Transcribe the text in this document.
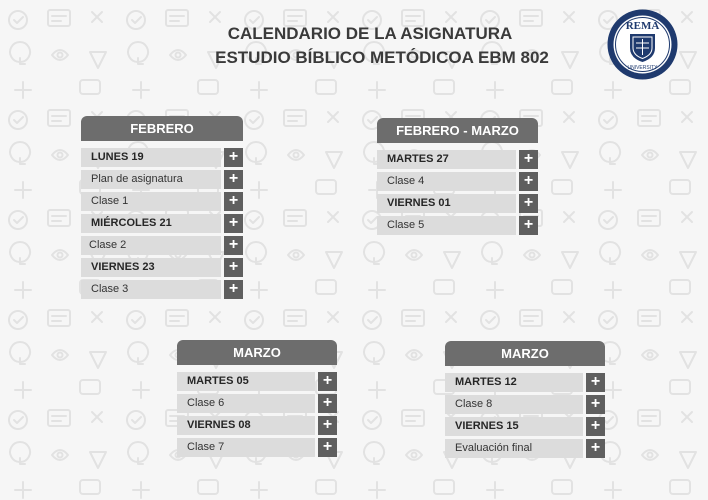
CALENDARIO DE LA ASIGNATURA
ESTUDIO BÍBLICO METÓDICOA EBM 802
REMA
UNIVERSITY
FEBRERO
LUNES 19	+
Plan de asignatura	+
Clase 1	+
MIÉRCOLES 21	+
Clase 2	+
VIERNES 23	+
Clase 3	+
FEBRERO - MARZO
MARTES 27	+
Clase 4	+
VIERNES 01	+
Clase 5	+
MARZO
MARTES 05	+
Clase 6	+
VIERNES 08	+
Clase 7	+
MARZO
MARTES 12	+
Clase 8	+
VIERNES 15	+
Evaluación final	+
